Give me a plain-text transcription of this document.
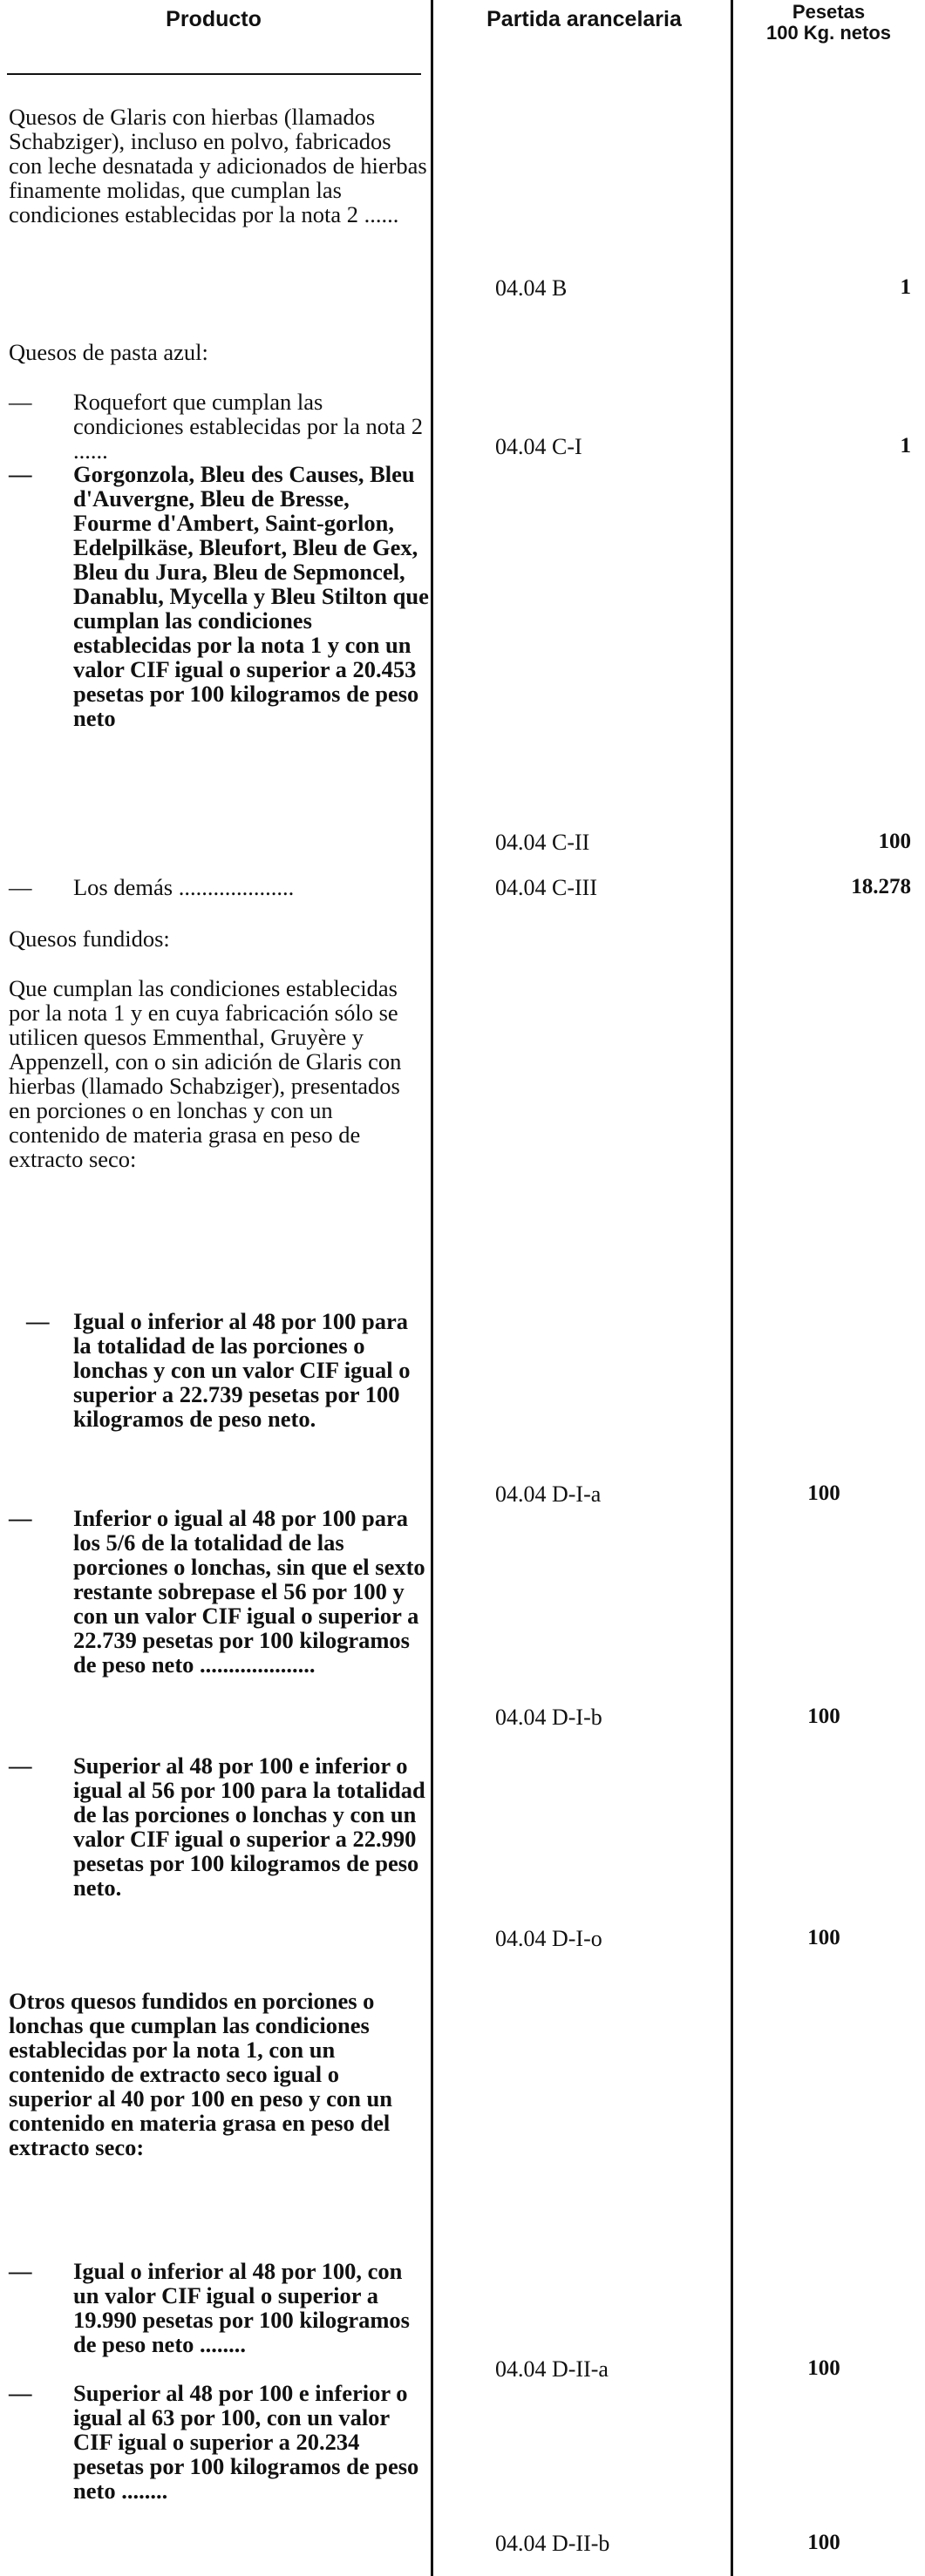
Producto	Partida arancelaria	Pesetas
100 Kg. netos
Quesos de Glaris con hierbas (llamados Schabziger), incluso en polvo, fabricados con leche desnatada y adicionados de hierbas finamente molidas, que cumplan las condiciones establecidas por la nota 2 ......
04.04 B	1
Quesos de pasta azul:
— Roquefort que cumplan las condiciones establecidas por la nota 2 ......	04.04 C-I	1
— Gorgonzola, Bleu des Causes, Bleu d'Auvergne, Bleu de Bresse, Fourme d'Ambert, Saint-gorlon, Edelpilkäse, Bleufort, Bleu de Gex, Bleu du Jura, Bleu de Sepmoncel, Danablu, Mycella y Bleu Stilton que cumplan las condiciones establecidas por la nota 1 y con un valor CIF igual o superior a 20.453 pesetas por 100 kilogramos de peso neto
04.04 C-II	100
— Los demás ....................	04.04 C-III	18.278
Quesos fundidos:
Que cumplan las condiciones establecidas por la nota 1 y en cuya fabricación sólo se utilicen quesos Emmenthal, Gruyère y Appenzell, con o sin adición de Glaris con hierbas (llamado Schabziger), presentados en porciones o en lonchas y con un contenido de materia grasa en peso de extracto seco:
— Igual o inferior al 48 por 100 para la totalidad de las porciones o lonchas y con un valor CIF igual o superior a 22.739 pesetas por 100 kilogramos de peso neto.
04.04 D-I-a	100
— Inferior o igual al 48 por 100 para los 5/6 de la totalidad de las porciones o lonchas, sin que el sexto restante sobrepase el 56 por 100 y con un valor CIF igual o superior a 22.739 pesetas por 100 kilogramos de peso neto ....................
04.04 D-I-b	100
— Superior al 48 por 100 e inferior o igual al 56 por 100 para la totalidad de las porciones o lonchas y con un valor CIF igual o superior a 22.990 pesetas por 100 kilogramos de peso neto.
04.04 D-I-o	100
Otros quesos fundidos en porciones o lonchas que cumplan las condiciones establecidas por la nota 1, con un contenido de extracto seco igual o superior al 40 por 100 en peso y con un contenido en materia grasa en peso del extracto seco:
— Igual o inferior al 48 por 100, con un valor CIF igual o superior a 19.990 pesetas por 100 kilogramos de peso neto ........
04.04 D-II-a	100
— Superior al 48 por 100 e inferior o igual al 63 por 100, con un valor CIF igual o superior a 20.234 pesetas por 100 kilogramos de peso neto ........
04.04 D-II-b	100
